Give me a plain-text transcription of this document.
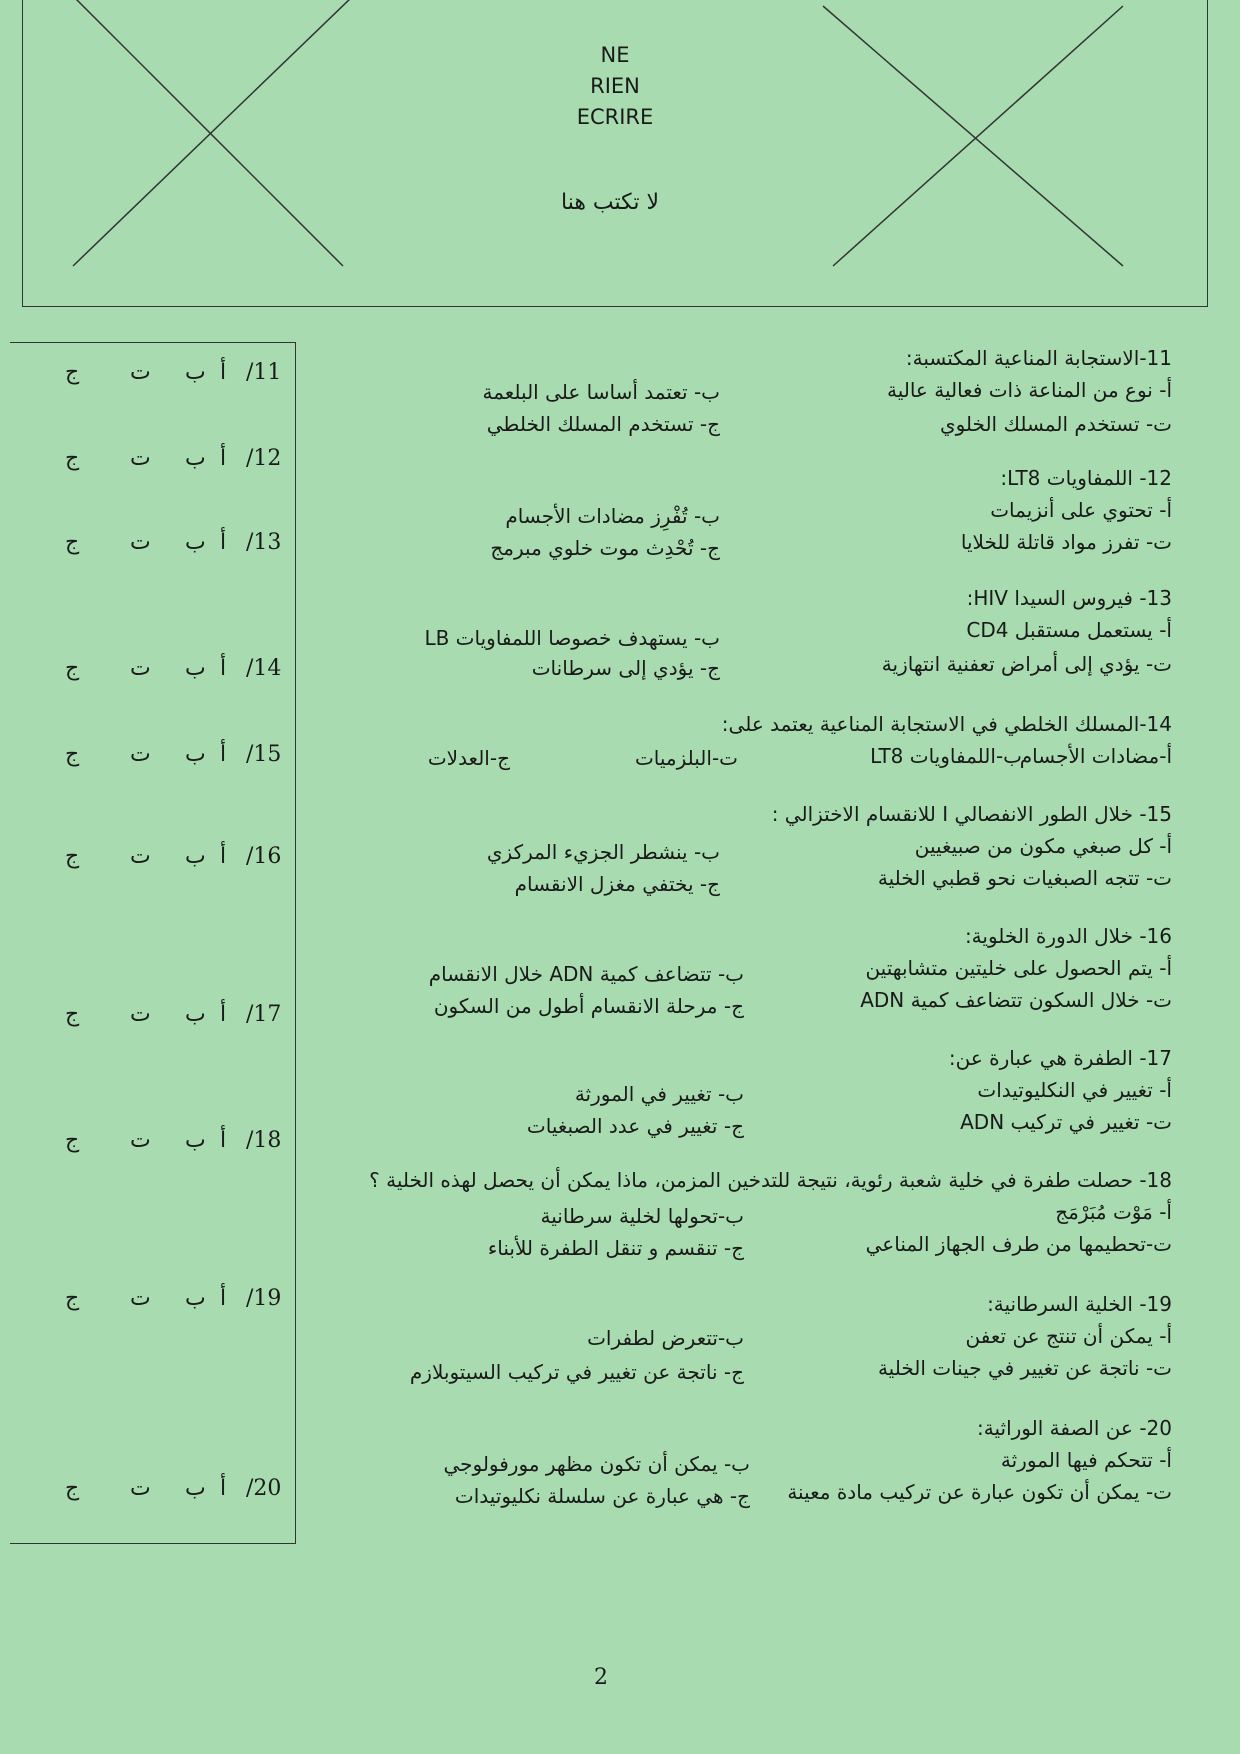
NE
RIEN
ECRIRE
لا تكتب هنا
/11
أ
ب
ت
ج
/12
أ
ب
ت
ج
/13
أ
ب
ت
ج
/14
أ
ب
ت
ج
/15
أ
ب
ت
ج
/16
أ
ب
ت
ج
/17
أ
ب
ت
ج
/18
أ
ب
ت
ج
/19
أ
ب
ت
ج
/20
أ
ب
ت
ج
11-الاستجابة المناعية المكتسبة:
أ- نوع من المناعة ذات فعالية عالية
ب- تعتمد أساسا على البلعمة
ت- تستخدم المسلك الخلوي
ج- تستخدم المسلك الخلطي
12- اللمفاويات LT8:
أ- تحتوي على أنزيمات
ب- تُفْرِز مضادات الأجسام
ت- تفرز مواد قاتلة للخلايا
ج- تُحْدِث موت خلوي مبرمج
13- فيروس السيدا HIV:
أ- يستعمل مستقبل CD4
ب- يستهدف خصوصا اللمفاويات LB
ت- يؤدي إلى أمراض تعفنية انتهازية
ج- يؤدي إلى سرطانات
14-المسلك الخلطي في الاستجابة المناعية يعتمد على:
أ-مضادات الأجسام
ب-اللمفاويات LT8
ت-البلزميات
ج-العدلات
15- خلال الطور الانفصالي I للانقسام الاختزالي :
أ- كل صبغي مكون من صبيغيين
ب- ينشطر الجزيء المركزي
ت- تتجه الصبغيات نحو قطبي الخلية
ج- يختفي مغزل الانقسام
16- خلال الدورة الخلوية:
أ- يتم الحصول على خليتين متشابهتين
ب- تتضاعف كمية ADN خلال الانقسام
ت- خلال السكون تتضاعف كمية ADN
ج- مرحلة الانقسام أطول من السكون
17- الطفرة هي عبارة عن:
أ- تغيير في النكليوتيدات
ب- تغيير في المورثة
ت- تغيير في تركيب ADN
ج- تغيير في عدد الصبغيات
18- حصلت طفرة في خلية شعبة رئوية، نتيجة للتدخين المزمن، ماذا يمكن أن يحصل لهذه الخلية ؟
أ- مَوْت مُبَرْمَج
ب-تحولها لخلية سرطانية
ت-تحطيمها من طرف الجهاز المناعي
ج- تنقسم و تنقل الطفرة للأبناء
19- الخلية السرطانية:
أ- يمكن أن تنتج عن تعفن
ب-تتعرض لطفرات
ت- ناتجة عن تغيير في جينات الخلية
ج- ناتجة عن تغيير في تركيب السيتوبلازم
20- عن الصفة الوراثية:
أ- تتحكم فيها المورثة
ب- يمكن أن تكون مظهر مورفولوجي
ت- يمكن أن تكون عبارة عن تركيب مادة معينة
ج- هي عبارة عن سلسلة نكليوتيدات
2
